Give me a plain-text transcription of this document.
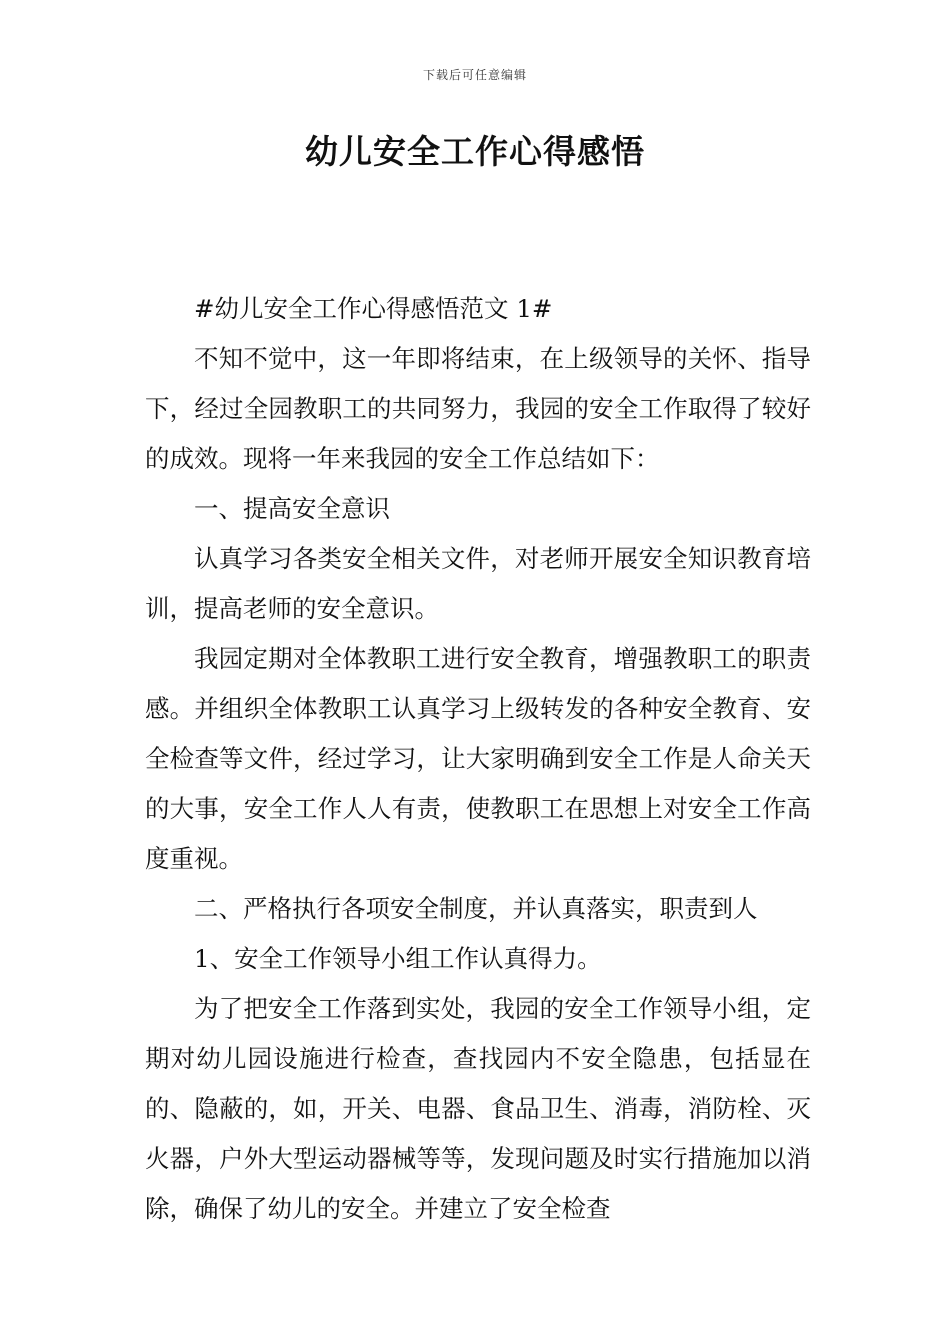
下载后可任意编辑
幼儿安全工作心得感悟

#幼儿安全工作心得感悟范文 1#

不知不觉中，这一年即将结束，在上级领导的关怀、指导下，经过全园教职工的共同努力，我园的安全工作取得了较好的成效。现将一年来我园的安全工作总结如下：

一、提高安全意识

认真学习各类安全相关文件，对老师开展安全知识教育培训，提高老师的安全意识。

我园定期对全体教职工进行安全教育，增强教职工的职责感。并组织全体教职工认真学习上级转发的各种安全教育、安全检查等文件，经过学习，让大家明确到安全工作是人命关天的大事，安全工作人人有责，使教职工在思想上对安全工作高度重视。

二、严格执行各项安全制度，并认真落实，职责到人

1、安全工作领导小组工作认真得力。

为了把安全工作落到实处，我园的安全工作领导小组，定期对幼儿园设施进行检查，查找园内不安全隐患，包括显在的、隐蔽的，如，开关、电器、食品卫生、消毒，消防栓、灭火器，户外大型运动器械等等，发现问题及时实行措施加以消除，确保了幼儿的安全。并建立了安全检查
